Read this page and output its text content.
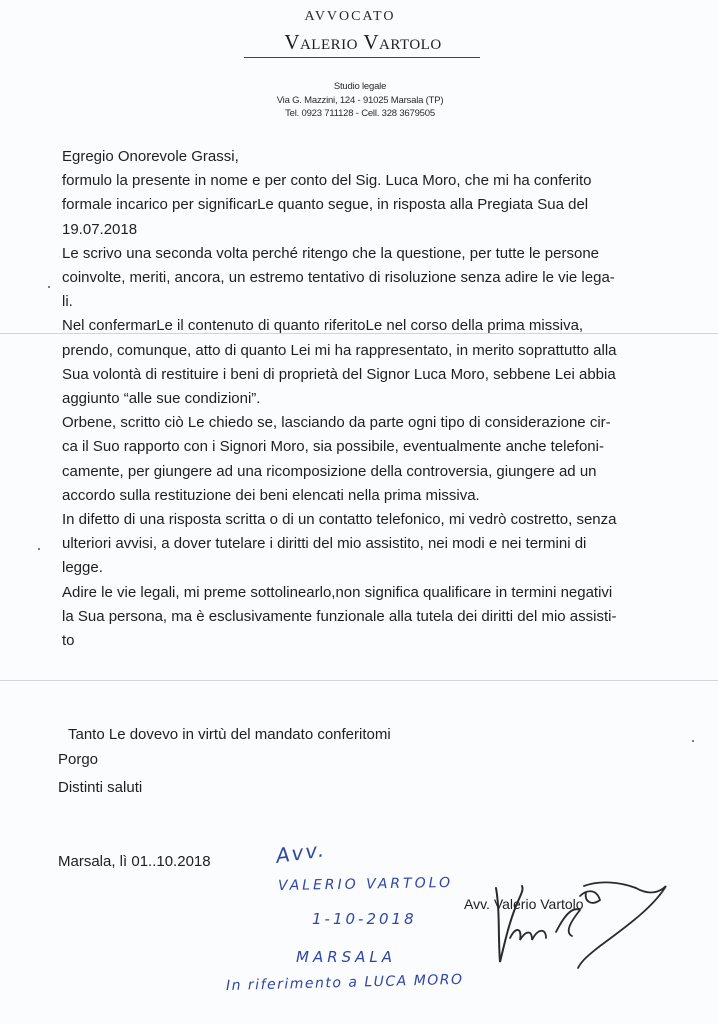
AVVOCATO
Valerio Vartolo
Studio legale
Via G. Mazzini, 124 - 91025 Marsala (TP)
Tel. 0923 711128 - Cell. 328 3679505

Egregio Onorevole Grassi,

formulo la presente in nome e per conto del Sig. Luca Moro, che mi ha conferito

formale incarico per significarLe quanto segue, in risposta alla Pregiata Sua del

19.07.2018

Le scrivo una seconda volta perché ritengo che la questione, per tutte le persone

coinvolte, meriti, ancora, un estremo tentativo di risoluzione senza adire le vie lega-

li.

Nel confermarLe il contenuto di quanto riferitoLe nel corso della prima missiva,

prendo, comunque, atto di quanto Lei mi ha rappresentato, in merito soprattutto alla

Sua volontà di restituire i beni di proprietà del Signor Luca Moro, sebbene Lei abbia

aggiunto “alle sue condizioni”.

Orbene, scritto ciò Le chiedo se, lasciando da parte ogni tipo di considerazione cir-

ca il Suo rapporto con i Signori Moro, sia possibile, eventualmente anche telefoni-

camente, per giungere ad una ricomposizione della controversia, giungere ad un

accordo sulla restituzione dei beni elencati nella prima missiva.

In difetto di una risposta scritta o di un contatto telefonico, mi vedrò costretto, senza

ulteriori avvisi, a dover tutelare i diritti del mio assistito, nei modi e nei termini di

legge.

Adire le vie legali, mi preme sottolinearlo,non significa qualificare in termini negativi

la Sua persona, ma è esclusivamente funzionale alla tutela dei diritti del mio assisti-

to

Tanto Le dovevo in virtù del mandato conferitomi
Porgo
Distinti saluti
Marsala, lì 01..10.2018	Avv.
VALERIO VARTOLO
1-10-2018
MARSALA
In riferimento a LUCA MORO
Avv. Valerio Vartolo
